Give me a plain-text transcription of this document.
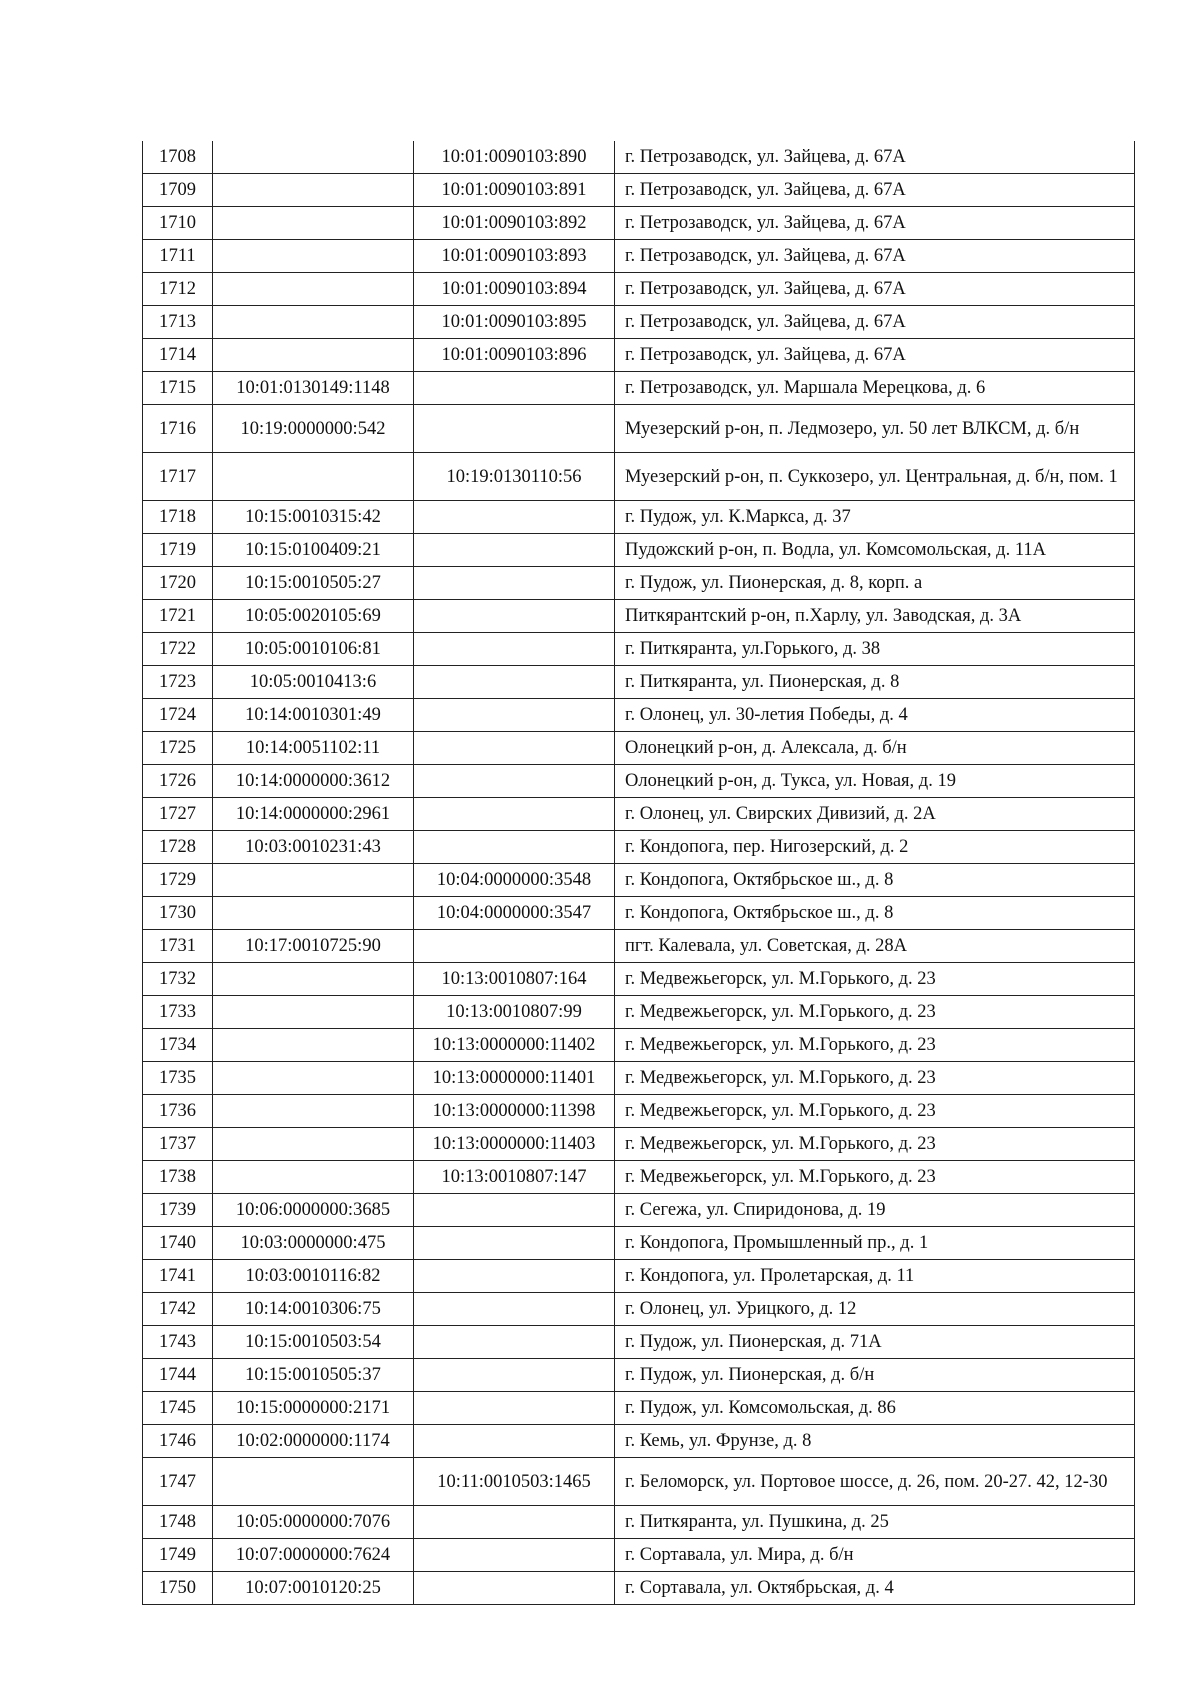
1708		10:01:0090103:890	г. Петрозаводск, ул. Зайцева, д. 67А
1709		10:01:0090103:891	г. Петрозаводск, ул. Зайцева, д. 67А
1710		10:01:0090103:892	г. Петрозаводск, ул. Зайцева, д. 67А
1711		10:01:0090103:893	г. Петрозаводск, ул. Зайцева, д. 67А
1712		10:01:0090103:894	г. Петрозаводск, ул. Зайцева, д. 67А
1713		10:01:0090103:895	г. Петрозаводск, ул. Зайцева, д. 67А
1714		10:01:0090103:896	г. Петрозаводск, ул. Зайцева, д. 67А
1715	10:01:0130149:1148		г. Петрозаводск, ул. Маршала Мерецкова, д. 6
1716	10:19:0000000:542		Муезерский р-он, п. Ледмозеро, ул. 50 лет ВЛКСМ, д. б/н
1717		10:19:0130110:56	Муезерский р-он, п. Суккозеро, ул. Центральная, д. б/н, пом. 1
1718	10:15:0010315:42		г. Пудож, ул. К.Маркса, д. 37
1719	10:15:0100409:21		Пудожский р-он, п. Водла, ул. Комсомольская, д. 11А
1720	10:15:0010505:27		г. Пудож, ул. Пионерская, д. 8, корп. а
1721	10:05:0020105:69		Питкярантский р-он, п.Харлу, ул. Заводская, д. 3А
1722	10:05:0010106:81		г. Питкяранта, ул.Горького, д. 38
1723	10:05:0010413:6		г. Питкяранта, ул. Пионерская, д. 8
1724	10:14:0010301:49		г. Олонец, ул. 30-летия Победы, д. 4
1725	10:14:0051102:11		Олонецкий р-он, д. Алексала, д. б/н
1726	10:14:0000000:3612		Олонецкий р-он, д. Тукса, ул. Новая, д. 19
1727	10:14:0000000:2961		г. Олонец, ул. Свирских Дивизий, д. 2А
1728	10:03:0010231:43		г. Кондопога, пер. Нигозерский, д. 2
1729		10:04:0000000:3548	г. Кондопога, Октябрьское ш., д. 8
1730		10:04:0000000:3547	г. Кондопога, Октябрьское ш., д. 8
1731	10:17:0010725:90		пгт. Калевала, ул. Советская, д. 28А
1732		10:13:0010807:164	г. Медвежьегорск, ул. М.Горького, д. 23
1733		10:13:0010807:99	г. Медвежьегорск, ул. М.Горького, д. 23
1734		10:13:0000000:11402	г. Медвежьегорск, ул. М.Горького, д. 23
1735		10:13:0000000:11401	г. Медвежьегорск, ул. М.Горького, д. 23
1736		10:13:0000000:11398	г. Медвежьегорск, ул. М.Горького, д. 23
1737		10:13:0000000:11403	г. Медвежьегорск, ул. М.Горького, д. 23
1738		10:13:0010807:147	г. Медвежьегорск, ул. М.Горького, д. 23
1739	10:06:0000000:3685		г. Сегежа, ул. Спиридонова, д. 19
1740	10:03:0000000:475		г. Кондопога, Промышленный пр., д. 1
1741	10:03:0010116:82		г. Кондопога, ул. Пролетарская, д. 11
1742	10:14:0010306:75		г. Олонец, ул. Урицкого, д. 12
1743	10:15:0010503:54		г. Пудож, ул. Пионерская, д. 71А
1744	10:15:0010505:37		г. Пудож, ул. Пионерская, д. б/н
1745	10:15:0000000:2171		г. Пудож, ул. Комсомольская, д. 86
1746	10:02:0000000:1174		г. Кемь, ул. Фрунзе, д. 8
1747		10:11:0010503:1465	г. Беломорск, ул. Портовое шоссе, д. 26, пом. 20-27. 42, 12-30
1748	10:05:0000000:7076		г. Питкяранта, ул. Пушкина, д. 25
1749	10:07:0000000:7624		г. Сортавала, ул. Мира, д. б/н
1750	10:07:0010120:25		г. Сортавала, ул. Октябрьская, д. 4
